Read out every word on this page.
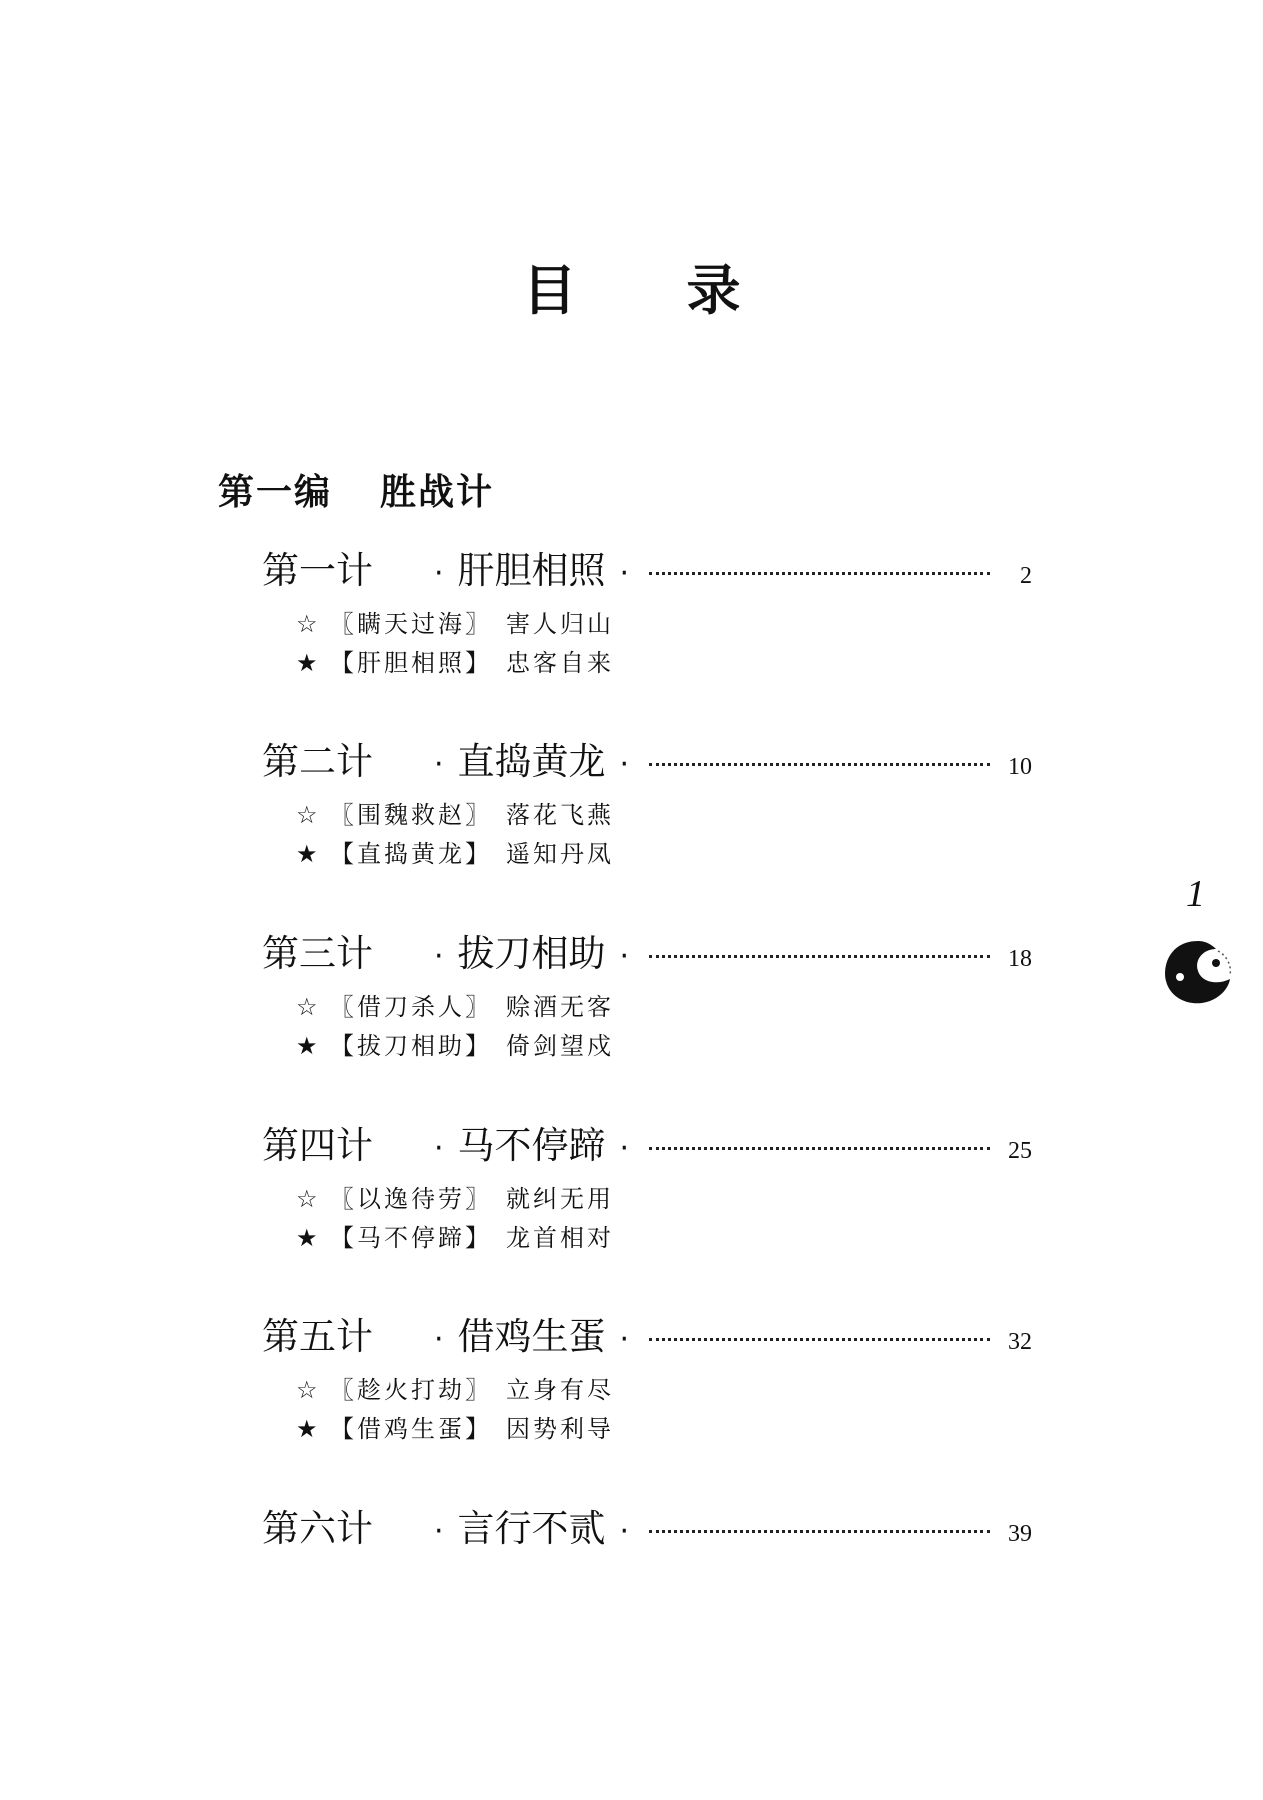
目 录
第一编 胜战计
第一计	· 肝胆相照 ·	2
☆ 〖 瞒天过海 〗 害人归山
★ 【 肝胆相照 】 忠客自来
第二计	· 直捣黄龙 ·	10
☆ 〖 围魏救赵 〗 落花飞燕
★ 【 直捣黄龙 】 遥知丹凤
第三计	· 拔刀相助 ·	18
☆ 〖 借刀杀人 〗 赊酒无客
★ 【 拔刀相助 】 倚剑望戍
第四计	· 马不停蹄 ·	25
☆ 〖 以逸待劳 〗 就纠无用
★ 【 马不停蹄 】 龙首相对
第五计	· 借鸡生蛋 ·	32
☆ 〖 趁火打劫 〗 立身有尽
★ 【 借鸡生蛋 】 因势利导
第六计	· 言行不贰 ·	39
1
